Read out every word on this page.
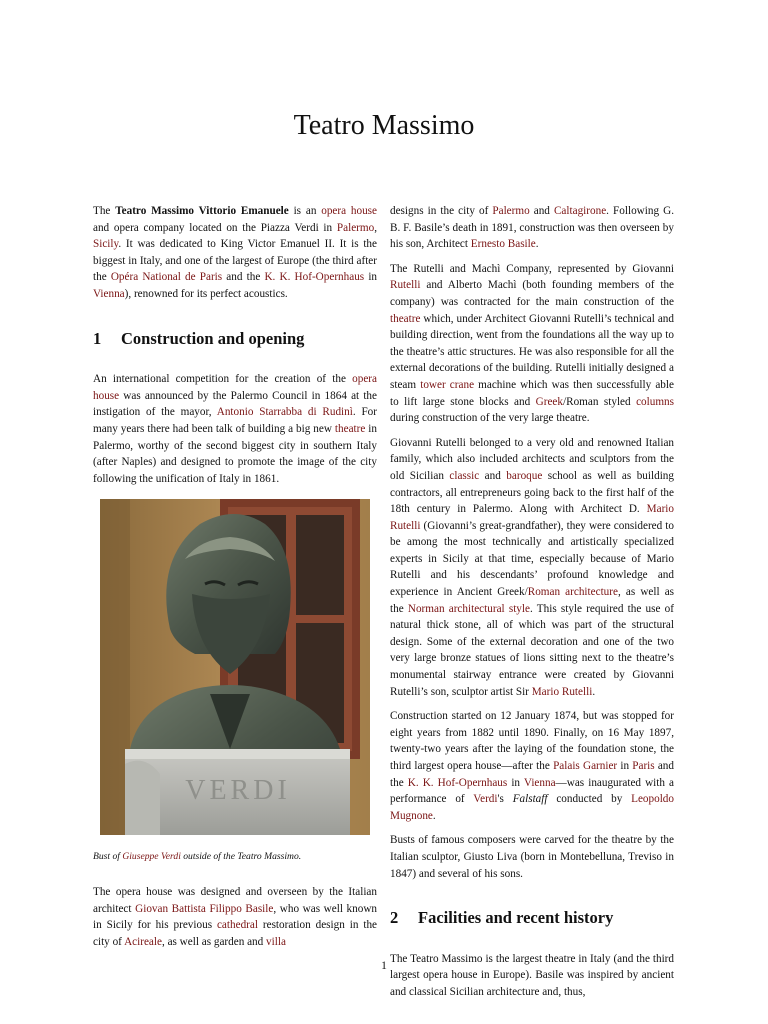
Teatro Massimo

The Teatro Massimo Vittorio Emanuele is an opera house and opera company located on the Piazza Verdi in Palermo, Sicily. It was dedicated to King Victor Emanuel II. It is the biggest in Italy, and one of the largest of Europe (the third after the Opéra National de Paris and the K. K. Hof-Opernhaus in Vienna), renowned for its perfect acoustics.

1 Construction and opening

An international competition for the creation of the opera house was announced by the Palermo Council in 1864 at the instigation of the mayor, Antonio Starrabba di Rudinì. For many years there had been talk of building a big new theatre in Palermo, worthy of the second biggest city in southern Italy (after Naples) and designed to promote the image of the city following the unification of Italy in 1861.

VERDI
Bust of Giuseppe Verdi outside of the Teatro Massimo.

The opera house was designed and overseen by the Italian architect Giovan Battista Filippo Basile, who was well known in Sicily for his previous cathedral restoration design in the city of Acireale, as well as garden and villa

designs in the city of Palermo and Caltagirone. Following G. B. F. Basile’s death in 1891, construction was then overseen by his son, Architect Ernesto Basile.

The Rutelli and Machì Company, represented by Giovanni Rutelli and Alberto Machì (both founding members of the company) was contracted for the main construction of the theatre which, under Architect Giovanni Rutelli’s technical and building direction, went from the foundations all the way up to the theatre’s attic structures. He was also responsible for all the external decorations of the building. Rutelli initially designed a steam tower crane machine which was then successfully able to lift large stone blocks and Greek/Roman styled columns during construction of the very large theatre.

Giovanni Rutelli belonged to a very old and renowned Italian family, which also included architects and sculptors from the old Sicilian classic and baroque school as well as building contractors, all entrepreneurs going back to the first half of the 18th century in Palermo. Along with Architect D. Mario Rutelli (Giovanni’s great-grandfather), they were considered to be among the most technically and artistically specialized experts in Sicily at that time, especially because of Mario Rutelli and his descendants’ profound knowledge and experience in Ancient Greek/Roman architecture, as well as the Norman architectural style. This style required the use of natural thick stone, all of which was part of the structural design. Some of the external decoration and one of the two very large bronze statues of lions sitting next to the theatre’s monumental stairway entrance were created by Giovanni Rutelli’s son, sculptor artist Sir Mario Rutelli.

Construction started on 12 January 1874, but was stopped for eight years from 1882 until 1890. Finally, on 16 May 1897, twenty-two years after the laying of the foundation stone, the third largest opera house—after the Palais Garnier in Paris and the K. K. Hof-Opernhaus in Vienna—was inaugurated with a performance of Verdi's Falstaff conducted by Leopoldo Mugnone.

Busts of famous composers were carved for the theatre by the Italian sculptor, Giusto Liva (born in Montebelluna, Treviso in 1847) and several of his sons.

2 Facilities and recent history

The Teatro Massimo is the largest theatre in Italy (and the third largest opera house in Europe). Basile was inspired by ancient and classical Sicilian architecture and, thus,

1
